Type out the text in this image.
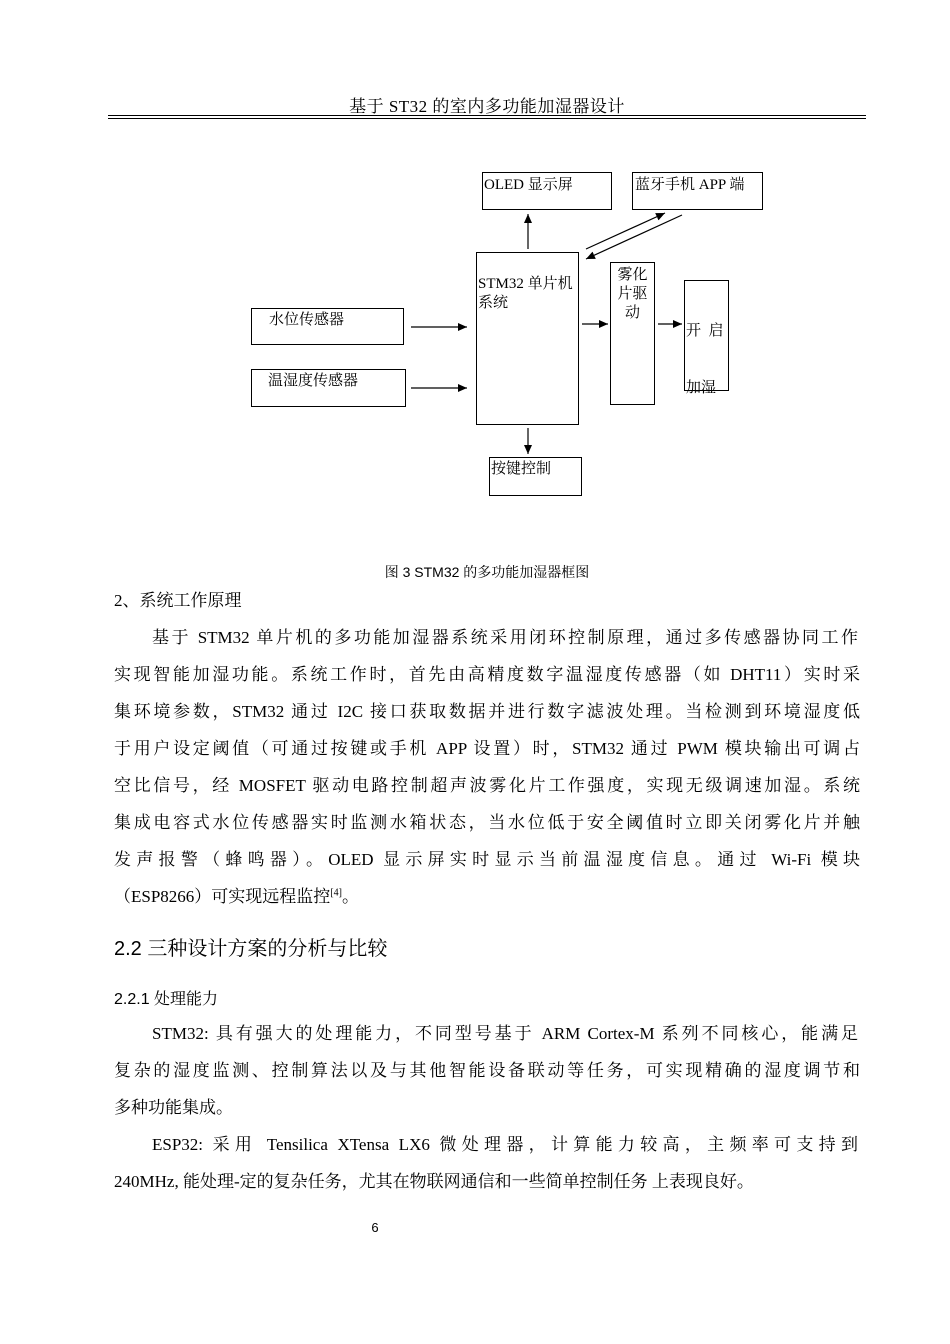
基于 ST32 的室内多功能加湿器设计
OLED 显示屏	蓝牙手机 APP 端
STM32 单片机
系统
水位传感器
温湿度传感器
雾化
片驱
动

开  启

加湿

按键控制
图 3 STM32 的多功能加湿器框图
2、系统工作原理
基于 STM32 单片机的多功能加湿器系统采用闭环控制原理，通过多传感器协同工作
实现智能加湿功能。系统工作时，首先由高精度数字温湿度传感器（如 DHT11）实时采
集环境参数，STM32 通过 I2C 接口获取数据并进行数字滤波处理。当检测到环境湿度低
于用户设定阈值（可通过按键或手机 APP 设置）时，STM32 通过 PWM 模块输出可调占
空比信号，经 MOSFET 驱动电路控制超声波雾化片工作强度，实现无级调速加湿。系统
集成电容式水位传感器实时监测水箱状态，当水位低于安全阈值时立即关闭雾化片并触
发声报警（蜂鸣器）。OLED 显示屏实时显示当前温湿度信息。通过 Wi-Fi 模块
（ESP8266）可实现远程监控[4]。
2.2 三种设计方案的分析与比较
2.2.1 处理能力
STM32: 具有强大的处理能力，不同型号基于 ARM Cortex-M 系列不同核心，能满足
复杂的湿度监测、控制算法以及与其他智能设备联动等任务，可实现精确的湿度调节和
多种功能集成。
ESP32: 采用 Tensilica XTensa LX6 微处理器，计算能力较高，主频率可支持到
240MHz, 能处理-定的复杂任务，尤其在物联网通信和一些简单控制任务 上表现良好。
6
